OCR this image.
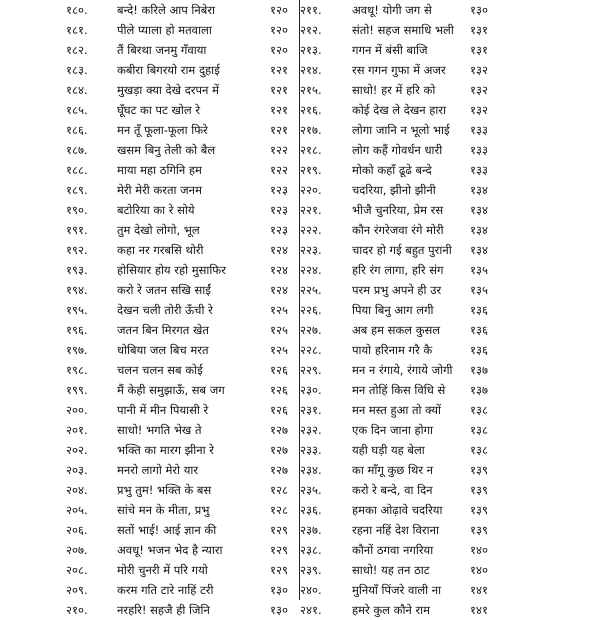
१८०.	बन्दे! करिले आप निबेरा	१२०
१८१.	पीले प्याला हो मतवाला	१२०
१८२.	तैं बिरथा जनमु गँवाया	१२०
१८३.	कबीरा बिगरयो राम दुहाई	१२१
१८४.	मुखड़ा क्या देखे दरपन में	१२१
१८५.	घूँघट का पट खोल रे	१२१
१८६.	मन तूँ फूला-फूला फिरे	१२१
१८७.	खसम बिनु तेली को बैल	१२२
१८८.	माया महा ठगिनि हम	१२२
१८९.	मेरी मेरी करता जनम	१२३
१९०.	बटोरिया का रे सोये	१२३
१९१.	तुम देखो लोगो, भूल	१२३
१९२.	कहा नर गरबसि थोरी	१२४
१९३.	होसियार होय रहो मुसाफिर	१२४
१९४.	करो रे जतन सखि साईं	१२४
१९५.	देखन चली तोरी ऊँची रे	१२५
१९६.	जतन बिन मिरगत खेत	१२५
१९७.	धोबिया जल बिच मरत	१२५
१९८.	चलन चलन सब कोई	१२६
१९९.	मैं केही समुझाऊँ, सब जग	१२६
२००.	पानी में मीन पियासी रे	१२६
२०१.	साधो! भगति भेख ते	१२७
२०२.	भक्ति का मारग झीना रे	१२७
२०३.	मनरो लागो मेरो यार	१२७
२०४.	प्रभु तुम! भक्ति के बस	१२८
२०५.	सांचे मन के मीता, प्रभु	१२८
२०६.	सतों भाई! आई ज्ञान की	१२९
२०७.	अवधू! भजन भेद है न्यारा	१२९
२०८.	मोरी चुनरी में परि गयो	१२९
२०९.	करम गति टारे नाहिं टरी	१३०
२१०.	नरहरि! सहजै ही जिनि	१३०
२११.	अवधू! योगी जग से	१३०
२१२.	संतो! सहज समाधि भली	१३१
२१३.	गगन में बंसी बाजि	१३१
२१४.	रस गगन गुफा में अजर	१३२
२१५.	साधो! हर में हरि को	१३२
२१६.	कोई देख ले देखन हारा	१३२
२१७.	लोगा जानि न भूलो भाई	१३३
२१८.	लोग कहैं गोवर्धन धारी	१३३
२१९.	मोको कहाँ ढूढे बन्दे	१३३
२२०.	चदरिया, झीनो झीनी	१३४
२२१.	भीजै चुनरिया, प्रेम रस	१३४
२२२.	कौन रंगरेजवा रंगे मोरी	१३४
२२३.	चादर हो गई बहुत पुरानी	१३४
२२४.	हरि रंग लागा, हरि संग	१३५
२२५.	परम प्रभु अपने ही उर	१३५
२२६.	पिया बिनु आग लगी	१३६
२२७.	अब हम सकल कुसल	१३६
२२८.	पायो हरिनाम गरै कै	१३६
२२९.	मन न रंगाये, रंगाये जोगी	१३७
२३०.	मन तोहिं किस विधि से	१३७
२३१.	मन मस्त हुआ तो क्यों	१३८
२३२.	एक दिन जाना होगा	१३८
२३३.	यही घड़ी यह बेला	१३८
२३४.	का माँगू कुछ थिर न	१३९
२३५.	करो रे बन्दे, वा दिन	१३९
२३६.	हमका ओढ़ावे चदरिया	१३९
२३७.	रहना नहिं देश विराना	१३९
२३८.	कौनों ठगवा नगरिया	१४०
२३९.	साधो! यह तन ठाट	१४०
२४०.	मुनियाँ पिंजरे वाली ना	१४१
२४१.	हमरे कुल कौने राम	१४१
